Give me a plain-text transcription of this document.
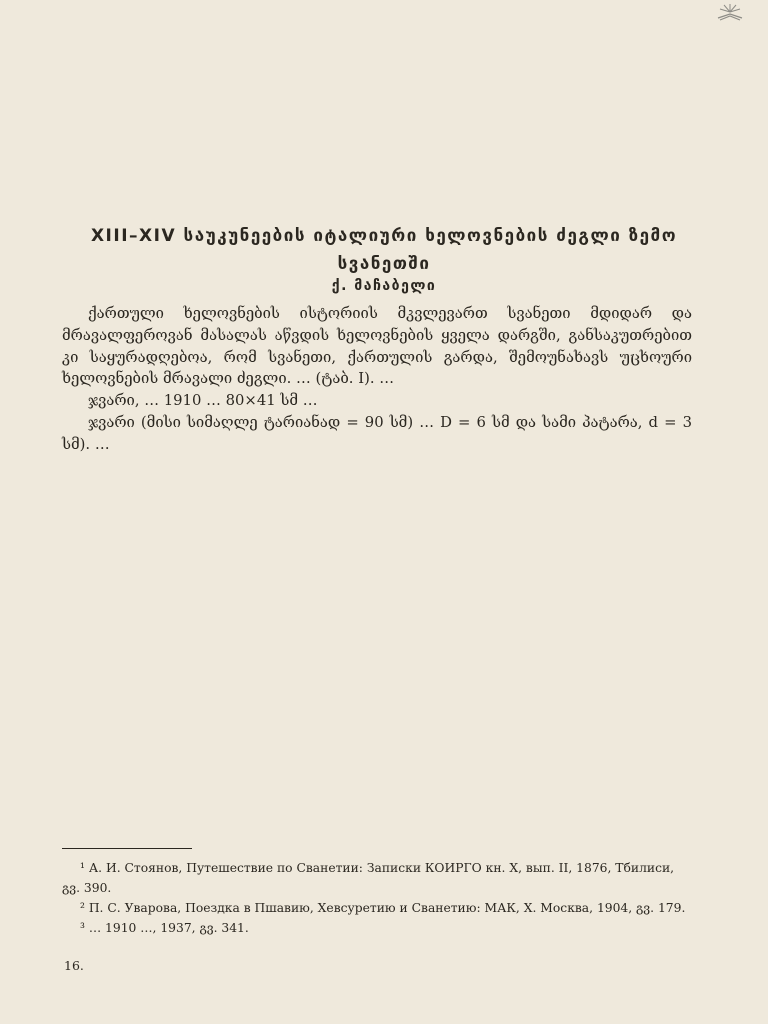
XIII–XIV საუკუნეების იტალიური ხელოვნების ძეგლი ზემო სვანეთში
ქ. მაჩაბელი

ქართული ხელოვნების ისტორიის მკვლევართ სვანეთი მდიდარ და მრავალფეროვან მასალას აწვდის ხელოვნების ყველა დარგში, განსაკუთრებით კი საყურადღებოა, რომ სვანეთი, ქართულის გარდა, შემოუნახავს უცხოური ხელოვნების მრავალი ძეგლი. … (ტაბ. I). …

ჯვარი, … 1910 … 80×41 სმ …

ჯვარი (მისი სიმაღლე ტარიანად = 90 სმ) … D = 6 სმ და სამი პატარა, d = 3 სმ). …

¹ А. И. Стоянов, Путешествие по Сванетии: Записки КОИРГО кн. X, вып. II, 1876, Тбилиси, გვ. 390.

² П. С. Уварова, Поездка в Пшавию, Хевсуретию и Сванетию: МАК, X. Москва, 1904, გვ. 179.

³ … 1910 …, 1937, გვ. 341.

16.
